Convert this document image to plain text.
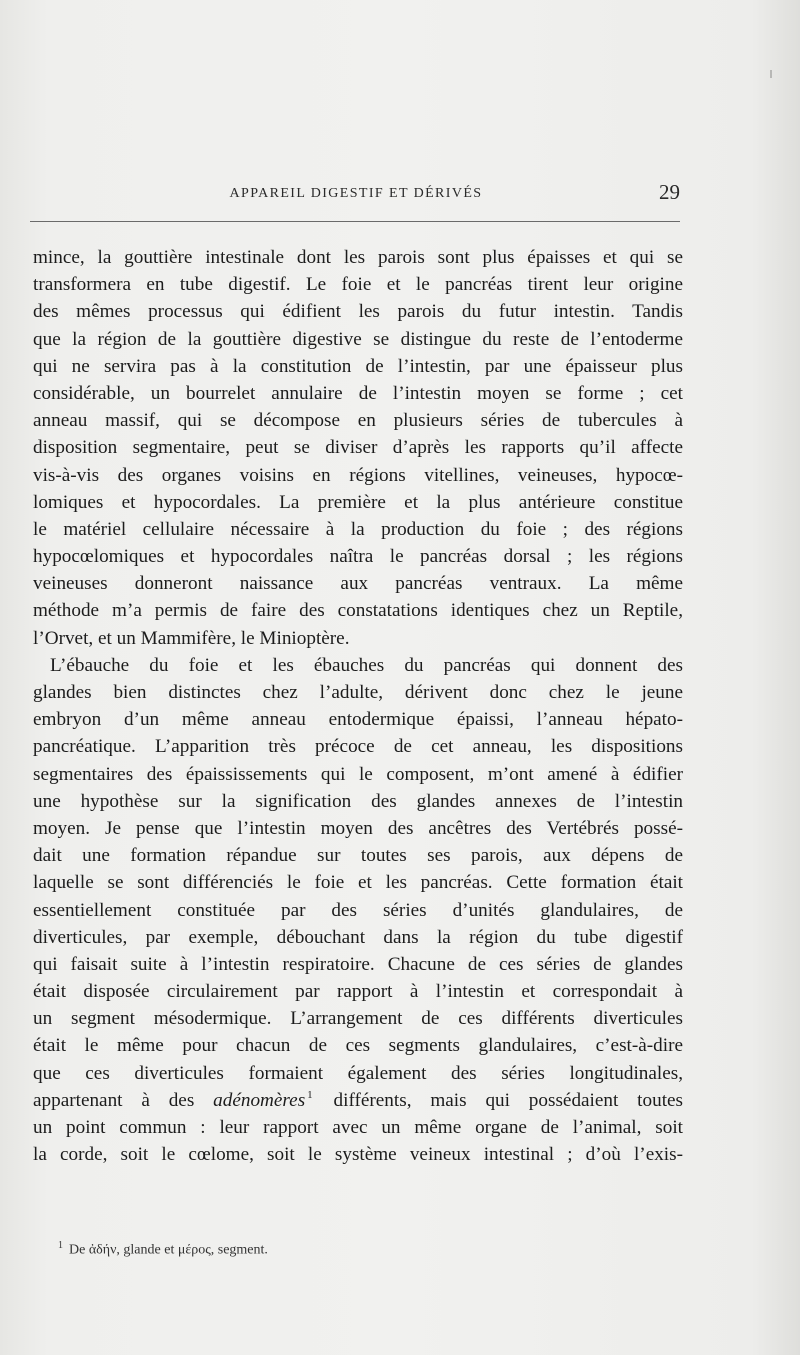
APPAREIL DIGESTIF ET DÉRIVÉS	29
mince, la gouttière intestinale dont les parois sont plus épaisses et qui se
transformera en tube digestif. Le foie et le pancréas tirent leur origine
des mêmes processus qui édifient les parois du futur intestin. Tandis
que la région de la gouttière digestive se distingue du reste de l’entoderme
qui ne servira pas à la constitution de l’intestin, par une épaisseur plus
considérable, un bourrelet annulaire de l’intestin moyen se forme ; cet
anneau massif, qui se décompose en plusieurs séries de tubercules à
disposition segmentaire, peut se diviser d’après les rapports qu’il affecte
vis-à-vis des organes voisins en régions vitellines, veineuses, hypocœ-
lomiques et hypocordales. La première et la plus antérieure constitue
le matériel cellulaire nécessaire à la production du foie ; des régions
hypocœlomiques et hypocordales naîtra le pancréas dorsal ; les régions
veineuses donneront naissance aux pancréas ventraux. La même
méthode m’a permis de faire des constatations identiques chez un Reptile,
l’Orvet, et un Mammifère, le Minioptère.
L’ébauche du foie et les ébauches du pancréas qui donnent des
glandes bien distinctes chez l’adulte, dérivent donc chez le jeune
embryon d’un même anneau entodermique épaissi, l’anneau hépato-
pancréatique. L’apparition très précoce de cet anneau, les dispositions
segmentaires des épaississements qui le composent, m’ont amené à édifier
une hypothèse sur la signification des glandes annexes de l’intestin
moyen. Je pense que l’intestin moyen des ancêtres des Vertébrés possé-
dait une formation répandue sur toutes ses parois, aux dépens de
laquelle se sont différenciés le foie et les pancréas. Cette formation était
essentiellement constituée par des séries d’unités glandulaires, de
diverticules, par exemple, débouchant dans la région du tube digestif
qui faisait suite à l’intestin respiratoire. Chacune de ces séries de glandes
était disposée circulairement par rapport à l’intestin et correspondait à
un segment mésodermique. L’arrangement de ces différents diverticules
était le même pour chacun de ces segments glandulaires, c’est-à-dire
que ces diverticules formaient également des séries longitudinales,
appartenant à des adénomères $^1$ différents, mais qui possédaient toutes
un point commun : leur rapport avec un même organe de l’animal, soit
la corde, soit le cœlome, soit le système veineux intestinal ; d’où l’exis-
$^1$ De ἀδήν, glande et μέρος, segment.
